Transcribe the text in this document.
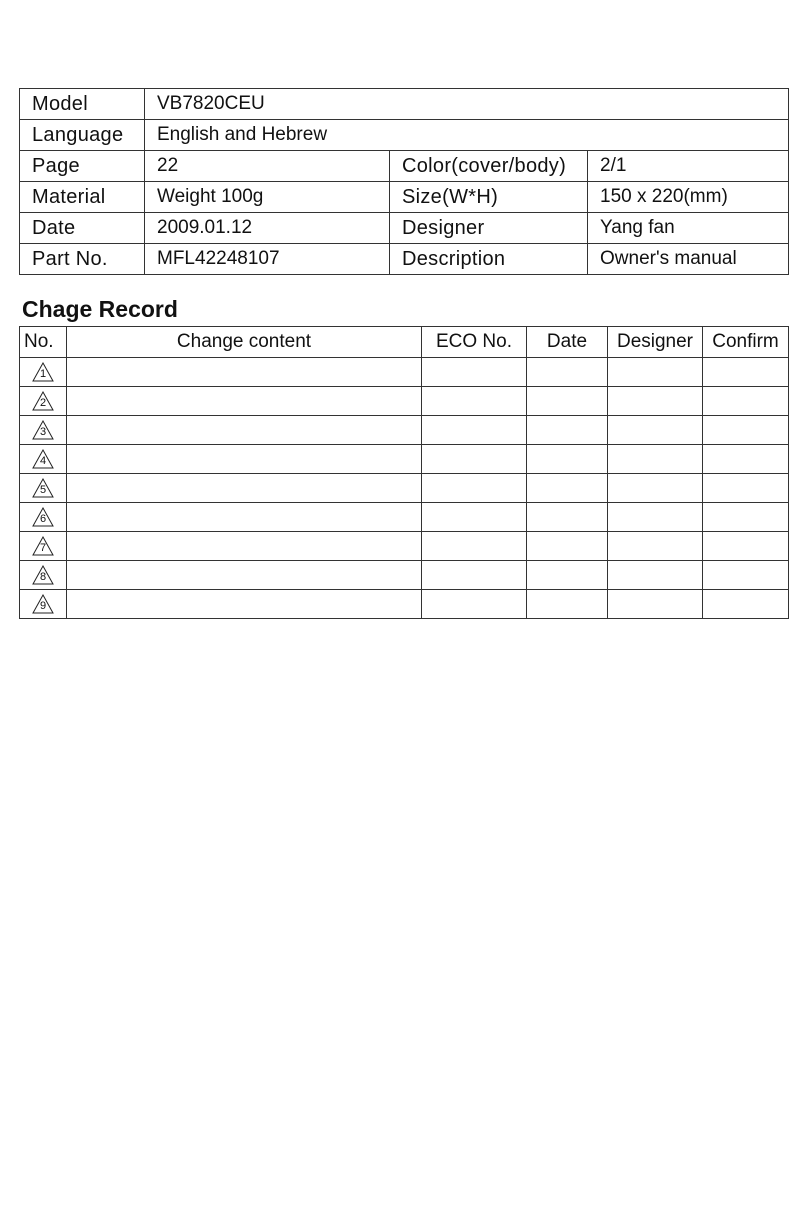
Model	VB7820CEU		
Language	English and Hebrew		
Page	22	Color(cover/body)	2/1
Material	Weight 100g	Size(W*H)	150 x 220(mm)
Date	2009.01.12	Designer	Yang fan
Part No.	MFL42248107	Description	Owner's manual
Chage Record
No.	Change content	ECO No.	Date	Designer	Confirm

1					

2					

3					

4					

5					

6					

7					

8					

9					
